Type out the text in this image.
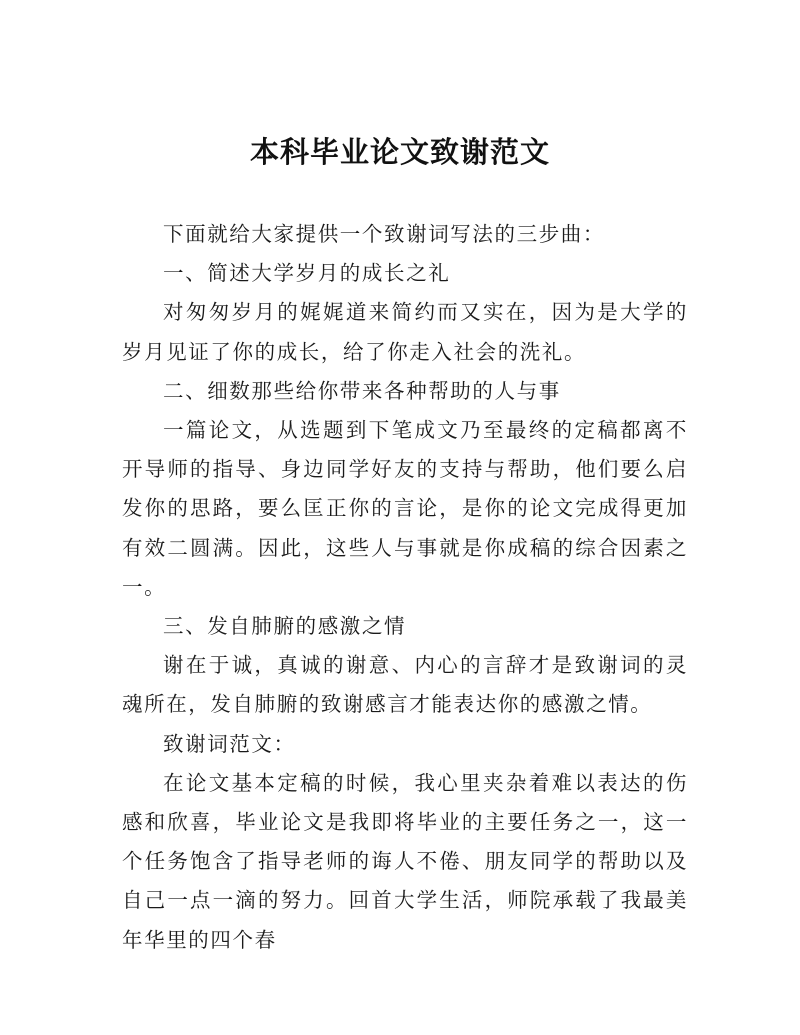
本科毕业论文致谢范文

下面就给大家提供一个致谢词写法的三步曲：

一、简述大学岁月的成长之礼

对匆匆岁月的娓娓道来简约而又实在，因为是大学的岁月见证了你的成长，给了你走入社会的洗礼。

二、细数那些给你带来各种帮助的人与事

一篇论文，从选题到下笔成文乃至最终的定稿都离不开导师的指导、身边同学好友的支持与帮助，他们要么启发你的思路，要么匡正你的言论，是你的论文完成得更加有效二圆满。因此，这些人与事就是你成稿的综合因素之一。

三、发自肺腑的感激之情

谢在于诚，真诚的谢意、内心的言辞才是致谢词的灵魂所在，发自肺腑的致谢感言才能表达你的感激之情。

致谢词范文：

在论文基本定稿的时候，我心里夹杂着难以表达的伤感和欣喜，毕业论文是我即将毕业的主要任务之一，这一个任务饱含了指导老师的诲人不倦、朋友同学的帮助以及自己一点一滴的努力。回首大学生活，师院承载了我最美年华里的四个春
